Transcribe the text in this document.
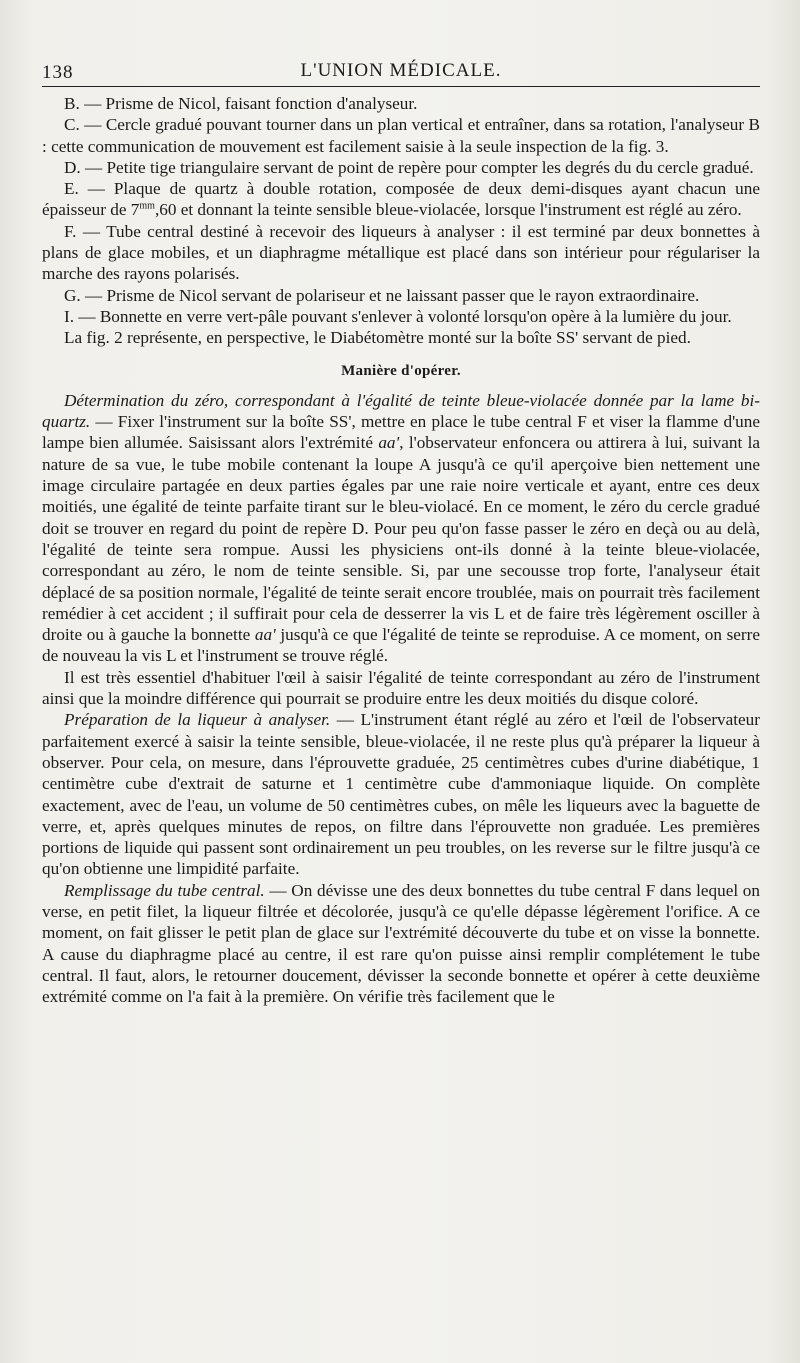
138	L'UNION MÉDICALE.

B. — Prisme de Nicol, faisant fonction d'analyseur.

C. — Cercle gradué pouvant tourner dans un plan vertical et entraîner, dans sa rotation, l'analyseur B : cette communication de mouvement est facilement saisie à la seule inspection de la fig. 3.

D. — Petite tige triangulaire servant de point de repère pour compter les degrés du du cercle gradué.

E. — Plaque de quartz à double rotation, composée de deux demi-disques ayant chacun une épaisseur de $7^{mm},60$ et donnant la teinte sensible bleue-violacée, lorsque l'instrument est réglé au zéro.

F. — Tube central destiné à recevoir des liqueurs à analyser : il est terminé par deux bonnettes à plans de glace mobiles, et un diaphragme métallique est placé dans son intérieur pour régulariser la marche des rayons polarisés.

G. — Prisme de Nicol servant de polariseur et ne laissant passer que le rayon extraordinaire.

I. — Bonnette en verre vert-pâle pouvant s'enlever à volonté lorsqu'on opère à la lumière du jour.

La fig. 2 représente, en perspective, le Diabétomètre monté sur la boîte SS' servant de pied.

Manière d'opérer.

Détermination du zéro, correspondant à l'égalité de teinte bleue-violacée donnée par la lame bi-quartz. — Fixer l'instrument sur la boîte SS', mettre en place le tube central F et viser la flamme d'une lampe bien allumée. Saisissant alors l'extrémité aa', l'observateur enfoncera ou attirera à lui, suivant la nature de sa vue, le tube mobile contenant la loupe A jusqu'à ce qu'il aperçoive bien nettement une image circulaire partagée en deux parties égales par une raie noire verticale et ayant, entre ces deux moitiés, une égalité de teinte parfaite tirant sur le bleu-violacé. En ce moment, le zéro du cercle gradué doit se trouver en regard du point de repère D. Pour peu qu'on fasse passer le zéro en deçà ou au delà, l'égalité de teinte sera rompue. Aussi les physiciens ont-ils donné à la teinte bleue-violacée, correspondant au zéro, le nom de teinte sensible. Si, par une secousse trop forte, l'analyseur était déplacé de sa position normale, l'égalité de teinte serait encore troublée, mais on pourrait très facilement remédier à cet accident ; il suffirait pour cela de desserrer la vis L et de faire très légèrement osciller à droite ou à gauche la bonnette aa' jusqu'à ce que l'égalité de teinte se reproduise. A ce moment, on serre de nouveau la vis L et l'instrument se trouve réglé.

Il est très essentiel d'habituer l'œil à saisir l'égalité de teinte correspondant au zéro de l'instrument ainsi que la moindre différence qui pourrait se produire entre les deux moitiés du disque coloré.

Préparation de la liqueur à analyser. — L'instrument étant réglé au zéro et l'œil de l'observateur parfaitement exercé à saisir la teinte sensible, bleue-violacée, il ne reste plus qu'à préparer la liqueur à observer. Pour cela, on mesure, dans l'éprouvette graduée, 25 centimètres cubes d'urine diabétique, 1 centimètre cube d'extrait de saturne et 1 centimètre cube d'ammoniaque liquide. On complète exactement, avec de l'eau, un volume de 50 centimètres cubes, on mêle les liqueurs avec la baguette de verre, et, après quelques minutes de repos, on filtre dans l'éprouvette non graduée. Les premières portions de liquide qui passent sont ordinairement un peu troubles, on les reverse sur le filtre jusqu'à ce qu'on obtienne une limpidité parfaite.

Remplissage du tube central. — On dévisse une des deux bonnettes du tube central F dans lequel on verse, en petit filet, la liqueur filtrée et décolorée, jusqu'à ce qu'elle dépasse légèrement l'orifice. A ce moment, on fait glisser le petit plan de glace sur l'extrémité découverte du tube et on visse la bonnette. A cause du diaphragme placé au centre, il est rare qu'on puisse ainsi remplir complétement le tube central. Il faut, alors, le retourner doucement, dévisser la seconde bonnette et opérer à cette deuxième extrémité comme on l'a fait à la première. On vérifie très facilement que le
